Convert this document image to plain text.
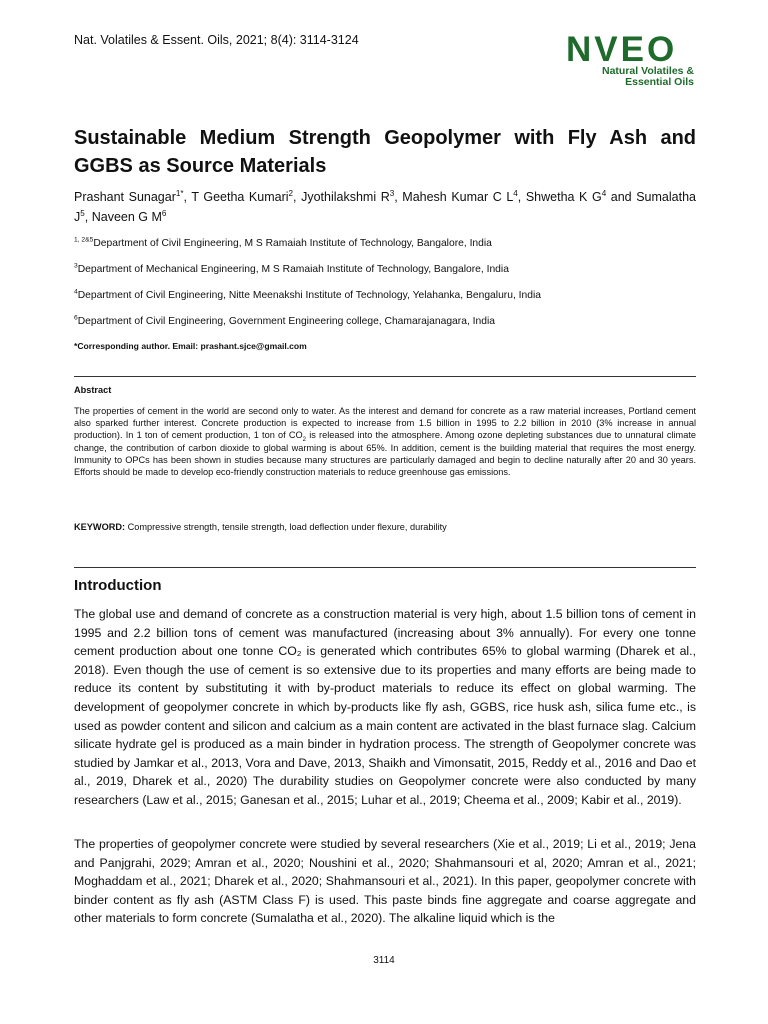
Nat. Volatiles & Essent. Oils, 2021; 8(4): 3114-3124	NVEO
Natural Volatiles &
Essential Oils
Sustainable Medium Strength Geopolymer with Fly Ash and GGBS as Source Materials
Prashant Sunagar$^{1*}$, T Geetha Kumari$^2$, Jyothilakshmi $R^3$, Mahesh Kumar C $L^4$, Shwetha K $G^4$ and Sumalatha $J^5$, Naveen G $M^6$
$^{1, 2\&5}$Department of Civil Engineering, M S Ramaiah Institute of Technology, Bangalore, India
$^3$Department of Mechanical Engineering, M S Ramaiah Institute of Technology, Bangalore, India
$^4$Department of Civil Engineering, Nitte Meenakshi Institute of Technology, Yelahanka, Bengaluru, India
$^6$Department of Civil Engineering, Government Engineering college, Chamarajanagara, India
*Corresponding author. Email: prashant.sjce@gmail.com
Abstract
The properties of cement in the world are second only to water. As the interest and demand for concrete as a raw material increases, Portland cement also sparked further interest. Concrete production is expected to increase from 1.5 billion in 1995 to 2.2 billion in 2010 (3% increase in annual production). In 1 ton of cement production, 1 ton of $CO_2$ is released into the atmosphere. Among ozone depleting substances due to unnatural climate change, the contribution of carbon dioxide to global warming is about 65%. In addition, cement is the building material that requires the most energy. Immunity to OPCs has been shown in studies because many structures are particularly damaged and begin to decline naturally after 20 and 30 years. Efforts should be made to develop eco-friendly construction materials to reduce greenhouse gas emissions.
KEYWORD: Compressive strength, tensile strength, load deflection under flexure, durability
Introduction
The global use and demand of concrete as a construction material is very high, about 1.5 billion tons of cement in 1995 and 2.2 billion tons of cement was manufactured (increasing about 3% annually). For every one tonne cement production about one tonne CO₂ is generated which contributes 65% to global warming (Dharek et al., 2018). Even though the use of cement is so extensive due to its properties and many efforts are being made to reduce its content by substituting it with by-product materials to reduce its effect on global warming. The development of geopolymer concrete in which by-products like fly ash, GGBS, rice husk ash, silica fume etc., is used as powder content and silicon and calcium as a main content are activated in the blast furnace slag. Calcium silicate hydrate gel is produced as a main binder in hydration process. The strength of Geopolymer concrete was studied by Jamkar et al., 2013, Vora and Dave, 2013, Shaikh and Vimonsatit, 2015, Reddy et al., 2016 and Dao et al., 2019, Dharek et al., 2020) The durability studies on Geopolymer concrete were also conducted by many researchers (Law et al., 2015; Ganesan et al., 2015; Luhar et al., 2019; Cheema et al., 2009; Kabir et al., 2019).
The properties of geopolymer concrete were studied by several researchers (Xie et al., 2019; Li et al., 2019; Jena and Panjgrahi, 2029; Amran et al., 2020; Noushini et al., 2020; Shahmansouri et al, 2020; Amran et al., 2021; Moghaddam et al., 2021; Dharek et al., 2020; Shahmansouri et al., 2021). In this paper, geopolymer concrete with binder content as fly ash (ASTM Class F) is used. This paste binds fine aggregate and coarse aggregate and other materials to form concrete (Sumalatha et al., 2020). The alkaline liquid which is the
3114
